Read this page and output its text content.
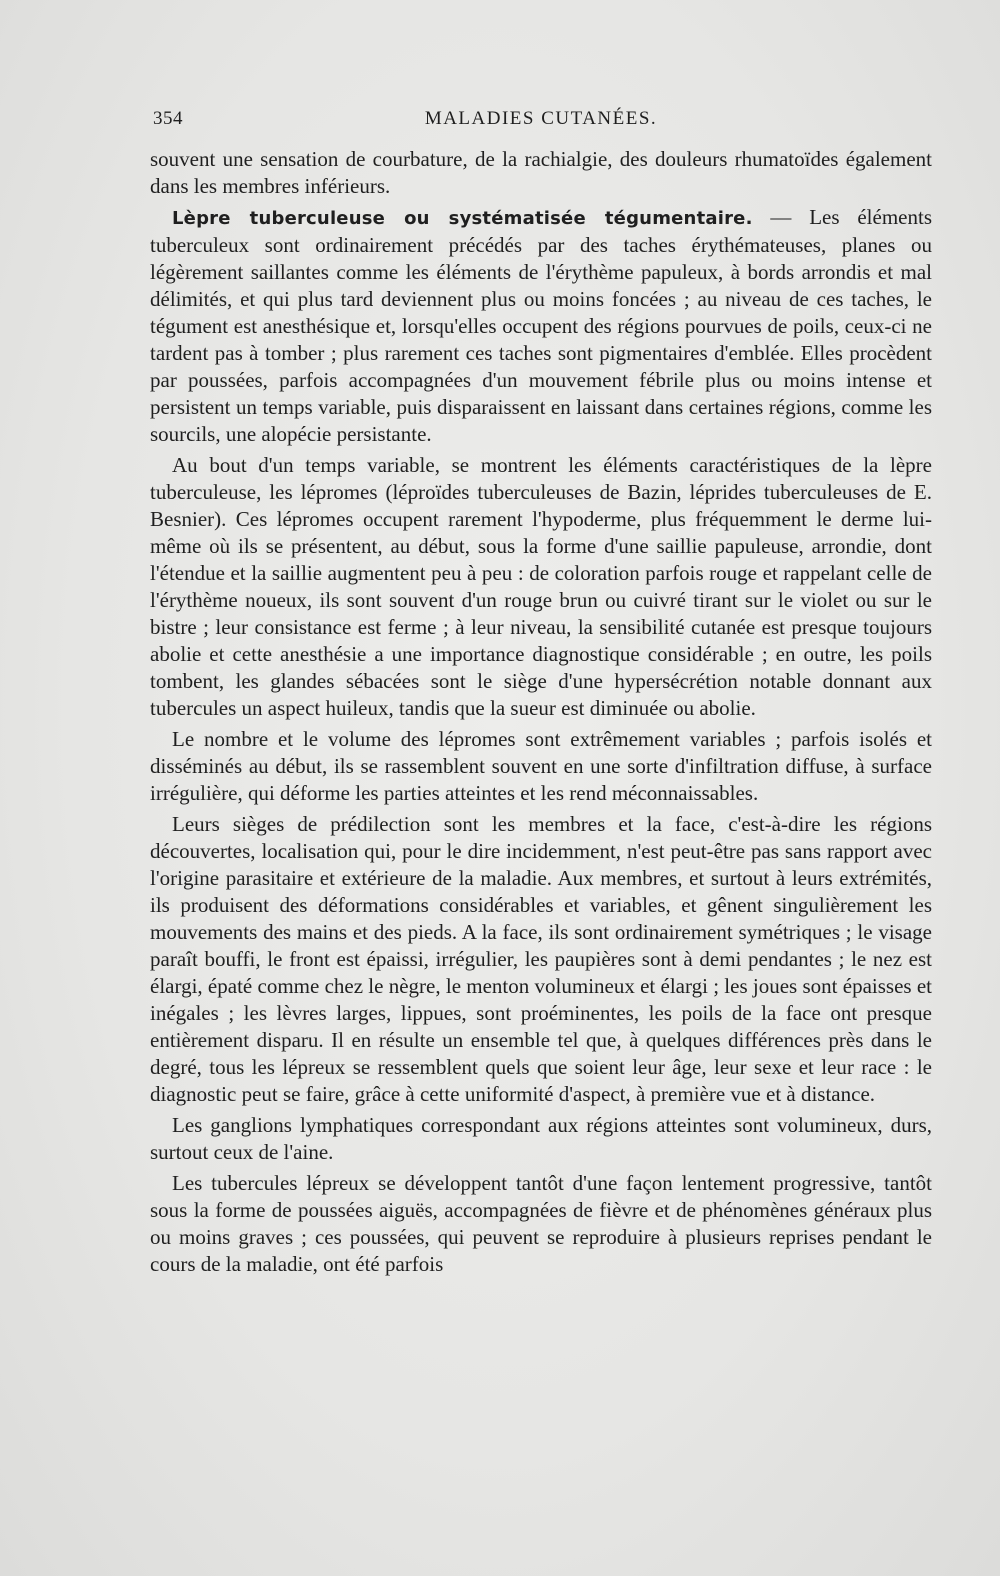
354	MALADIES CUTANÉES.

souvent une sensation de courbature, de la rachialgie, des douleurs rhumatoïdes également dans les membres inférieurs.

Lèpre tuberculeuse ou systématisée tégumentaire. — Les éléments tuberculeux sont ordinairement précédés par des taches érythémateuses, planes ou légèrement saillantes comme les éléments de l'érythème papuleux, à bords arrondis et mal délimités, et qui plus tard deviennent plus ou moins foncées ; au niveau de ces taches, le tégument est anesthésique et, lorsqu'elles occupent des régions pourvues de poils, ceux-ci ne tardent pas à tomber ; plus rarement ces taches sont pigmentaires d'emblée. Elles procèdent par poussées, parfois accompagnées d'un mouvement fébrile plus ou moins intense et persistent un temps variable, puis disparaissent en laissant dans certaines régions, comme les sourcils, une alopécie persistante.

Au bout d'un temps variable, se montrent les éléments caractéristiques de la lèpre tuberculeuse, les lépromes (léproïdes tuberculeuses de Bazin, léprides tuberculeuses de E. Besnier). Ces lépromes occupent rarement l'hypoderme, plus fréquemment le derme lui-même où ils se présentent, au début, sous la forme d'une saillie papuleuse, arrondie, dont l'étendue et la saillie augmentent peu à peu : de coloration parfois rouge et rappelant celle de l'érythème noueux, ils sont souvent d'un rouge brun ou cuivré tirant sur le violet ou sur le bistre ; leur consistance est ferme ; à leur niveau, la sensibilité cutanée est presque toujours abolie et cette anesthésie a une importance diagnostique considérable ; en outre, les poils tombent, les glandes sébacées sont le siège d'une hypersécrétion notable donnant aux tubercules un aspect huileux, tandis que la sueur est diminuée ou abolie.

Le nombre et le volume des lépromes sont extrêmement variables ; parfois isolés et disséminés au début, ils se rassemblent souvent en une sorte d'infiltration diffuse, à surface irrégulière, qui déforme les parties atteintes et les rend méconnaissables.

Leurs sièges de prédilection sont les membres et la face, c'est-à-dire les régions découvertes, localisation qui, pour le dire incidemment, n'est peut-être pas sans rapport avec l'origine parasitaire et extérieure de la maladie. Aux membres, et surtout à leurs extrémités, ils produisent des déformations considérables et variables, et gênent singulièrement les mouvements des mains et des pieds. A la face, ils sont ordinairement symétriques ; le visage paraît bouffi, le front est épaissi, irrégulier, les paupières sont à demi pendantes ; le nez est élargi, épaté comme chez le nègre, le menton volumineux et élargi ; les joues sont épaisses et inégales ; les lèvres larges, lippues, sont proéminentes, les poils de la face ont presque entièrement disparu. Il en résulte un ensemble tel que, à quelques différences près dans le degré, tous les lépreux se ressemblent quels que soient leur âge, leur sexe et leur race : le diagnostic peut se faire, grâce à cette uniformité d'aspect, à première vue et à distance.

Les ganglions lymphatiques correspondant aux régions atteintes sont volumineux, durs, surtout ceux de l'aine.

Les tubercules lépreux se développent tantôt d'une façon lentement progressive, tantôt sous la forme de poussées aiguës, accompagnées de fièvre et de phénomènes généraux plus ou moins graves ; ces poussées, qui peuvent se reproduire à plusieurs reprises pendant le cours de la maladie, ont été parfois
